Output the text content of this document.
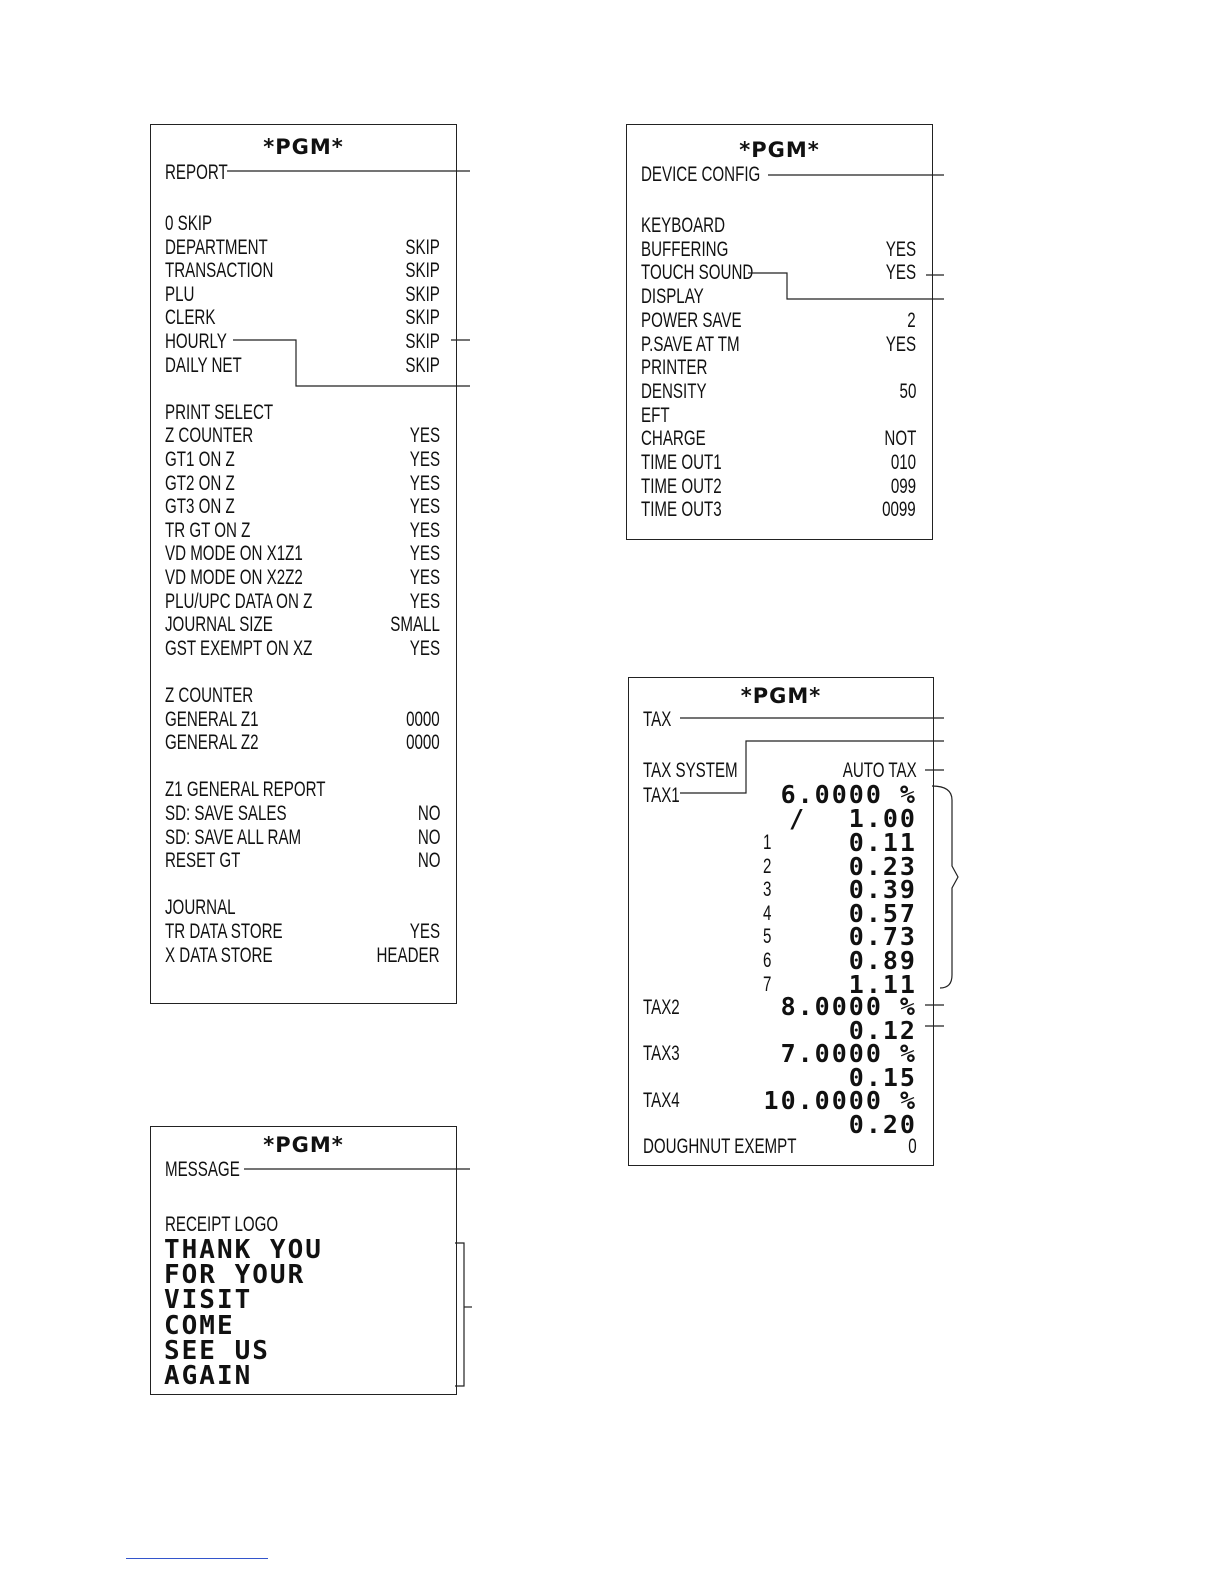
*PGM*
REPORT
0 SKIP
DEPARTMENT	SKIP
TRANSACTION	SKIP
PLU	SKIP
CLERK	SKIP
HOURLY	SKIP
DAILY NET	SKIP
PRINT SELECT
Z COUNTER	YES
GT1 ON Z	YES
GT2 ON Z	YES
GT3 ON Z	YES
TR GT ON Z	YES
VD MODE ON X1Z1	YES
VD MODE ON X2Z2	YES
PLU/UPC DATA ON Z	YES
JOURNAL SIZE	SMALL
GST EXEMPT ON XZ	YES
Z COUNTER
GENERAL Z1	0000
GENERAL Z2	0000
Z1 GENERAL REPORT
SD: SAVE SALES	NO
SD: SAVE ALL RAM	NO
RESET GT	NO
JOURNAL
TR DATA STORE	YES
X DATA STORE	HEADER
*PGM*
DEVICE CONFIG
KEYBOARD
BUFFERING	YES
TOUCH SOUND	YES
DISPLAY
POWER SAVE	2
P.SAVE AT TM	YES
PRINTER
DENSITY	50
EFT
CHARGE	NOT
TIME OUT1	010
TIME OUT2	099
TIME OUT3	0099
*PGM*
TAX
TAX SYSTEM	AUTO TAX
TAX1	6.0000 %
/ 1.00
1	0.11
2	0.23
3	0.39
4	0.57
5	0.73
6	0.89
7	1.11
TAX2	8.0000 %
0.12
TAX3	7.0000 %
0.15
TAX4	10.0000 %
0.20
DOUGHNUT EXEMPT	0
*PGM*
MESSAGE
RECEIPT LOGO
THANK YOU
FOR YOUR
VISIT
COME
SEE US
AGAIN
